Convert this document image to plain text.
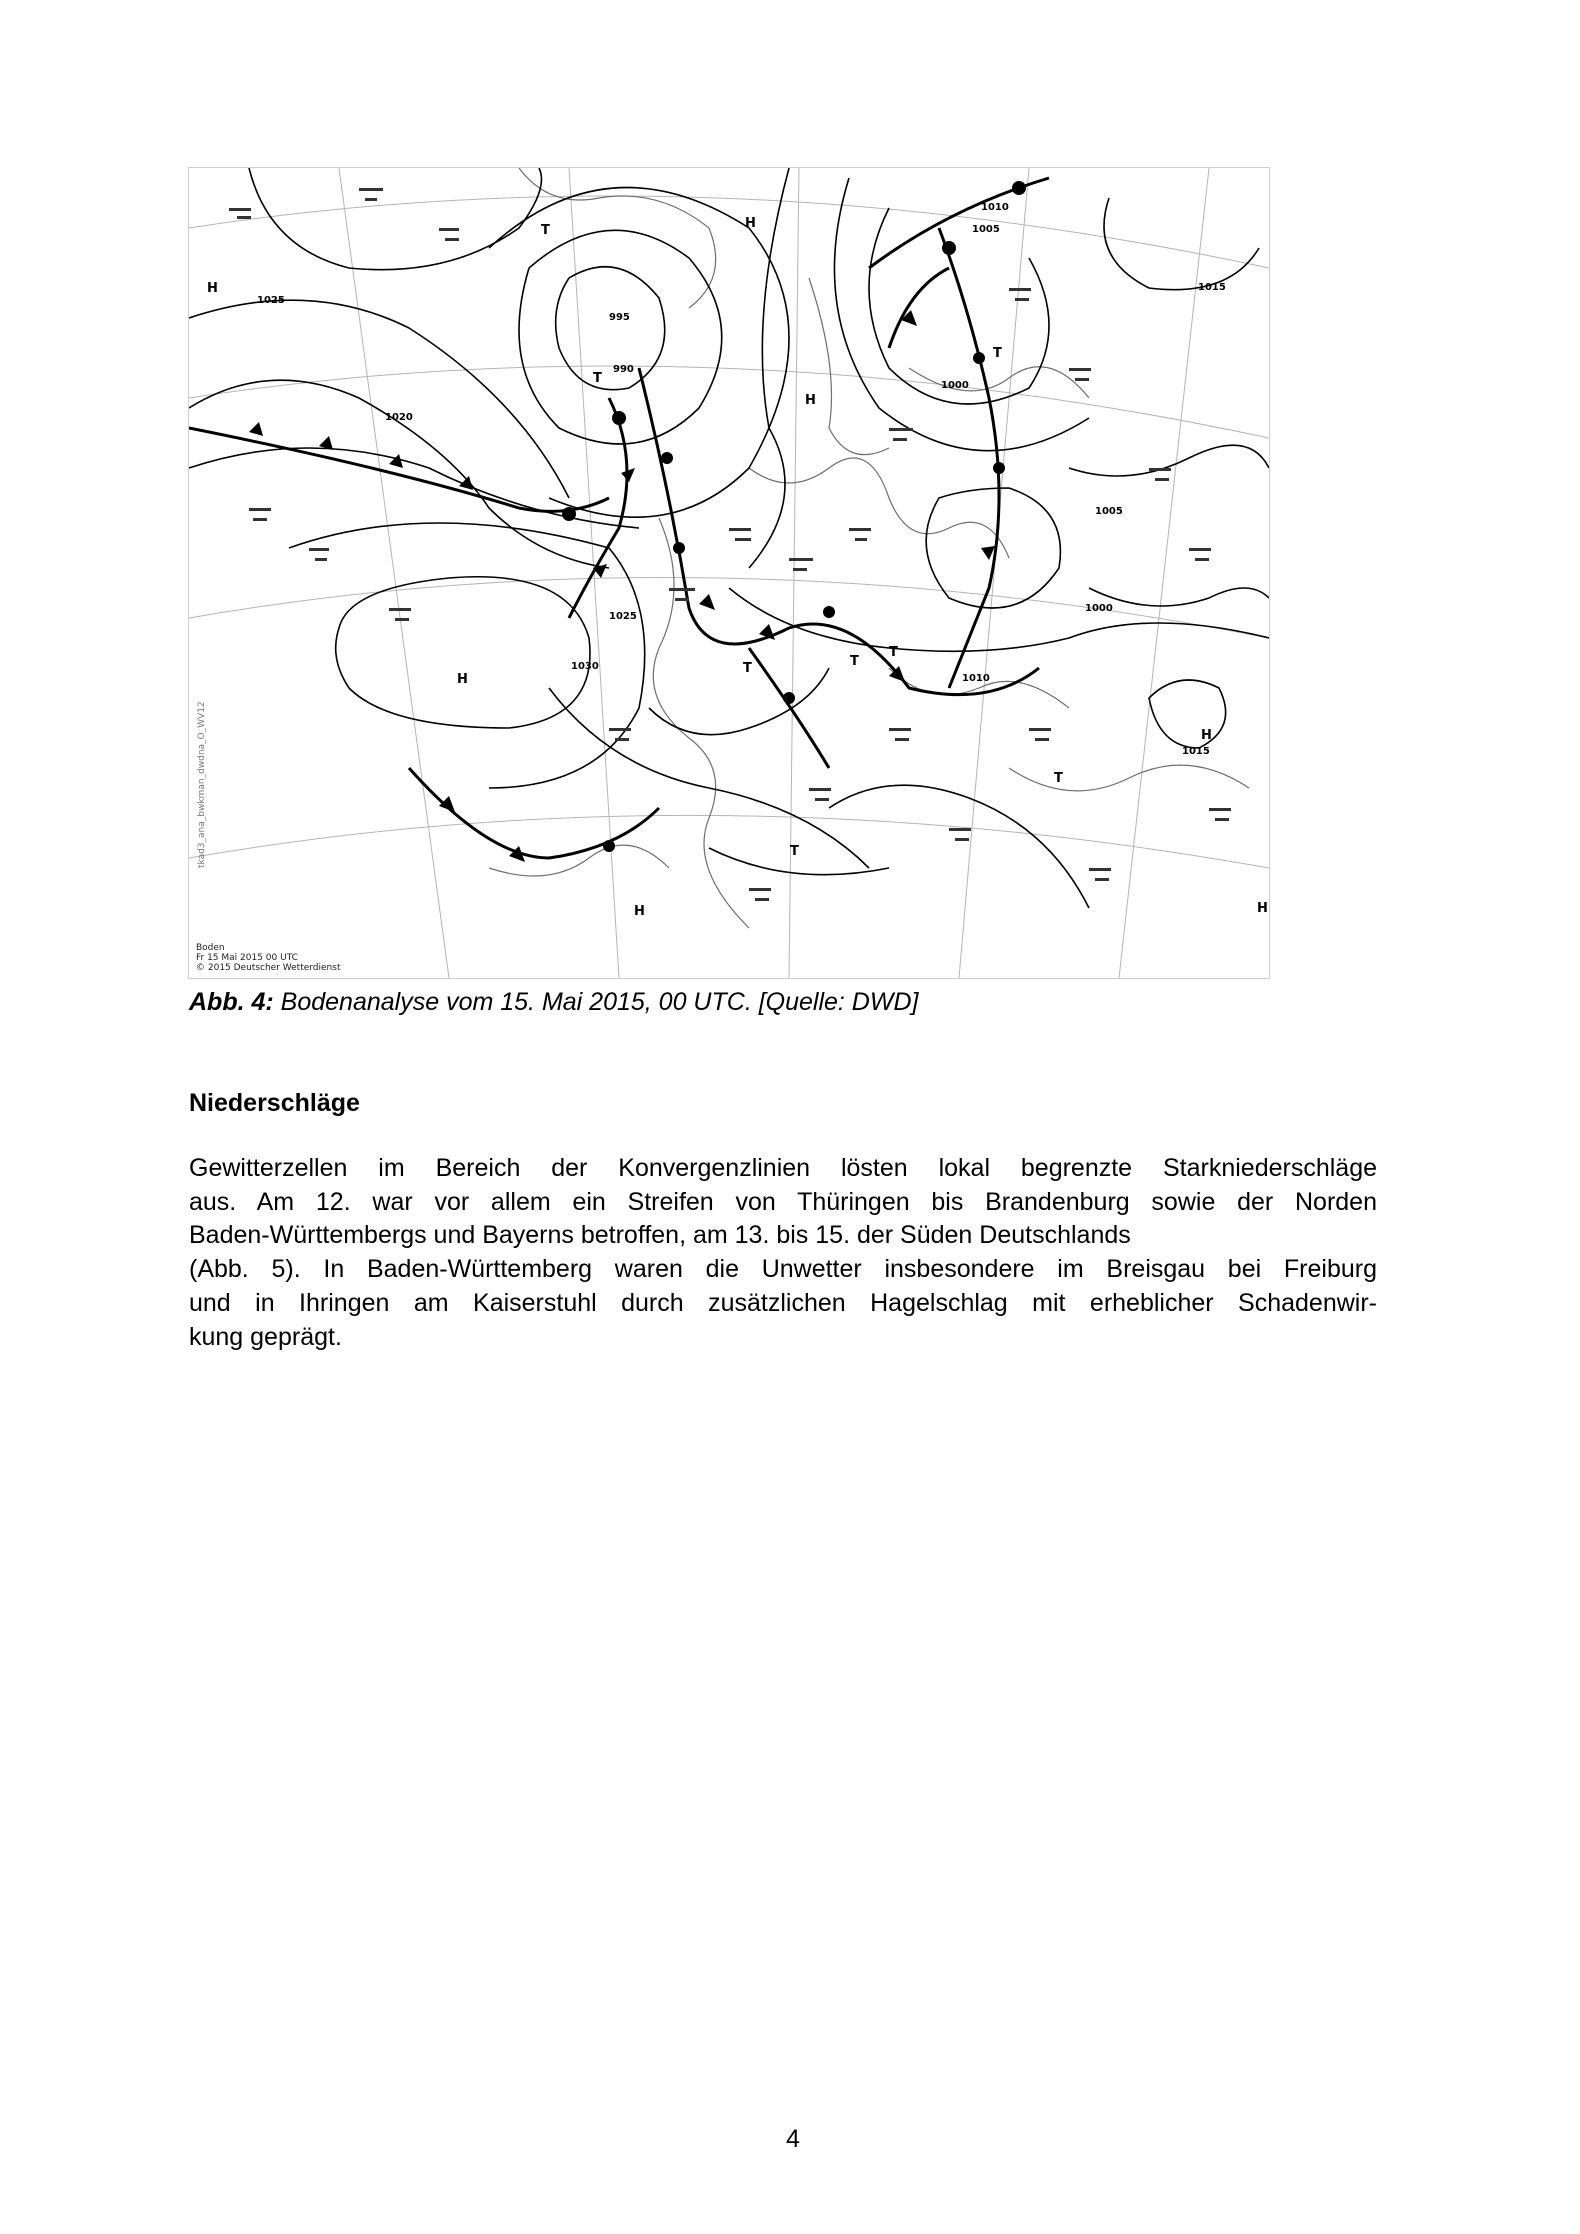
1025
1020
995
990
1025
1030
1010
1005
1000
1015
1005
1000
1010
1015
H
T
T
H
H
H
T
T	T
T
T
H
T
H
H
tkad3_ana_bwkman_dwdna_O_WV12
Boden
Fr 15 Mai 2015 00 UTC
© 2015 Deutscher Wetterdienst
Abb. 4: Bodenanalyse vom 15. Mai 2015, 00 UTC. [Quelle: DWD]
Niederschläge
Gewitterzellen im Bereich der Konvergenzlinien lösten lokal begrenzte Starkniederschläge
aus. Am 12. war vor allem ein Streifen von Thüringen bis Brandenburg sowie der Norden
Baden-Württembergs und Bayerns betroffen, am 13. bis 15. der Süden Deutschlands
(Abb. 5). In Baden-Württemberg waren die Unwetter insbesondere im Breisgau bei Freiburg
und in Ihringen am Kaiserstuhl durch zusätzlichen Hagelschlag mit erheblicher Schadenwir-
kung geprägt.
4
